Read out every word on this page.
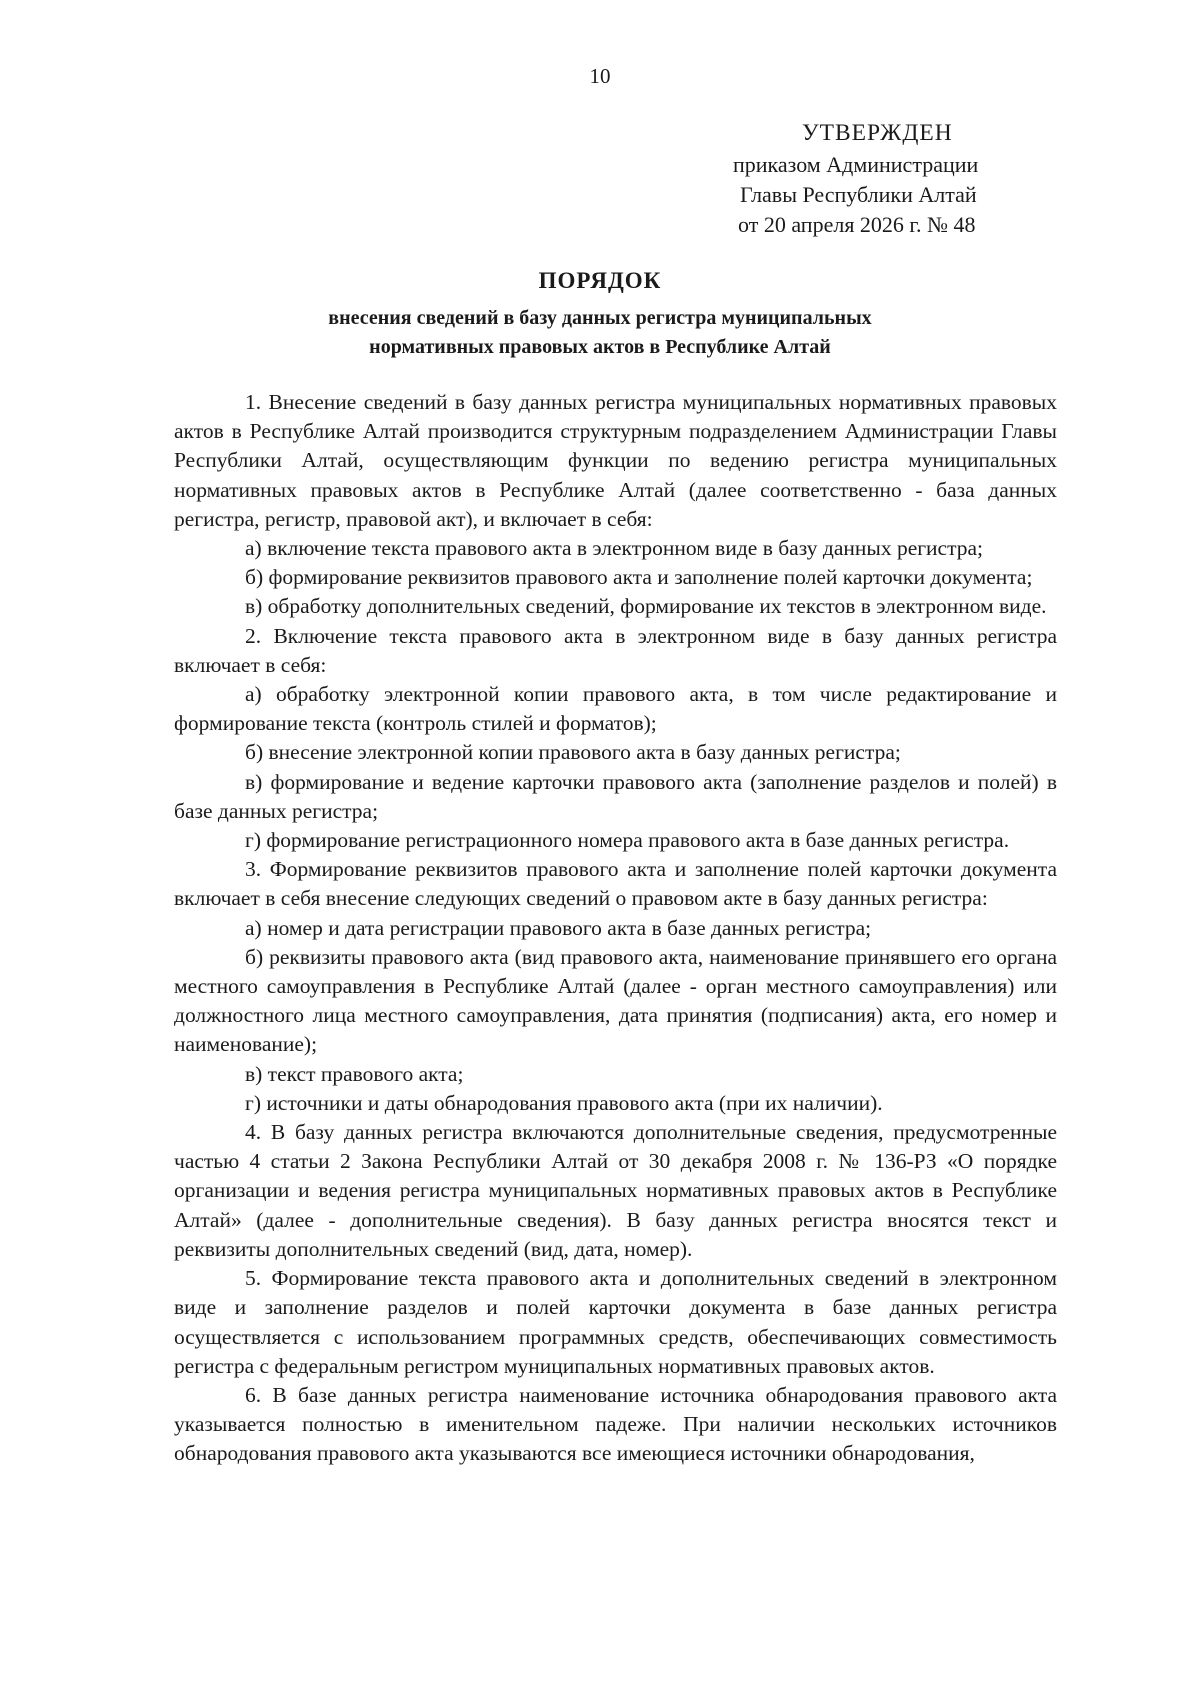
10
УТВЕРЖДЕН
приказом Администрации
Главы Республики Алтай
от 20 апреля 2026 г. № 48
ПОРЯДОК
внесения сведений в базу данных регистра муниципальных
нормативных правовых актов в Республике Алтай

1. Внесение сведений в базу данных регистра муниципальных нормативных правовых актов в Республике Алтай производится структурным подразделением Администрации Главы Республики Алтай, осуществляющим функции по ведению регистра муниципальных нормативных правовых актов в Республике Алтай (далее соответственно - база данных регистра, регистр, правовой акт), и включает в себя:

а) включение текста правового акта в электронном виде в базу данных регистра;

б) формирование реквизитов правового акта и заполнение полей карточки документа;

в) обработку дополнительных сведений, формирование их текстов в электронном виде.

2. Включение текста правового акта в электронном виде в базу данных регистра включает в себя:

а) обработку электронной копии правового акта, в том числе редактирование и формирование текста (контроль стилей и форматов);

б) внесение электронной копии правового акта в базу данных регистра;

в) формирование и ведение карточки правового акта (заполнение разделов и полей) в базе данных регистра;

г) формирование регистрационного номера правового акта в базе данных регистра.

3. Формирование реквизитов правового акта и заполнение полей карточки документа включает в себя внесение следующих сведений о правовом акте в базу данных регистра:

а) номер и дата регистрации правового акта в базе данных регистра;

б) реквизиты правового акта (вид правового акта, наименование принявшего его органа местного самоуправления в Республике Алтай (далее - орган местного самоуправления) или должностного лица местного самоуправления, дата принятия (подписания) акта, его номер и наименование);

в) текст правового акта;

г) источники и даты обнародования правового акта (при их наличии).

4. В базу данных регистра включаются дополнительные сведения, предусмотренные частью 4 статьи 2 Закона Республики Алтай от 30 декабря 2008 г. № 136-РЗ «О порядке организации и ведения регистра муниципальных нормативных правовых актов в Республике Алтай» (далее - дополнительные сведения). В базу данных регистра вносятся текст и реквизиты дополнительных сведений (вид, дата, номер).

5. Формирование текста правового акта и дополнительных сведений в электронном виде и заполнение разделов и полей карточки документа в базе данных регистра осуществляется с использованием программных средств, обеспечивающих совместимость регистра с федеральным регистром муниципальных нормативных правовых актов.

6. В базе данных регистра наименование источника обнародования правового акта указывается полностью в именительном падеже. При наличии нескольких источников обнародования правового акта указываются все имеющиеся источники обнародования,
